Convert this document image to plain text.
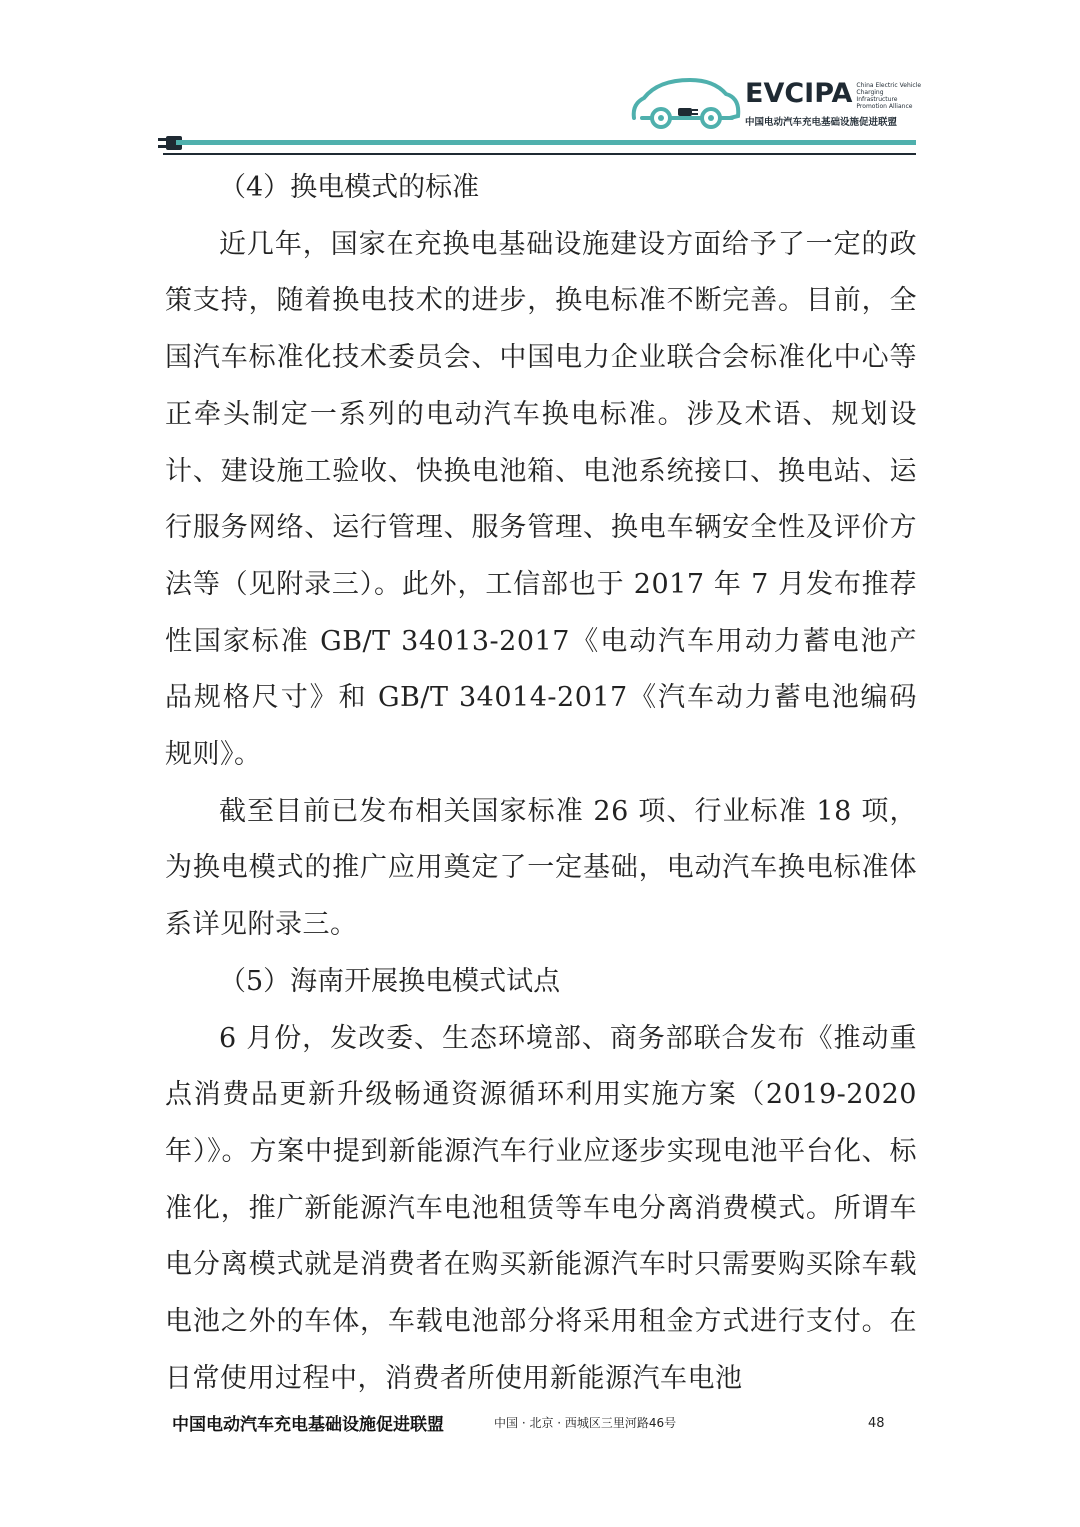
EVCIPA China Electric Vehicle
Charging Infrastructure
Promotion Alliance
中国电动汽车充电基础设施促进联盟

（4）换电模式的标准

近几年，国家在充换电基础设施建设方面给予了一定的政策支持，随着换电技术的进步，换电标准不断完善。目前，全国汽车标准化技术委员会、中国电力企业联合会标准化中心等正牵头制定一系列的电动汽车换电标准。涉及术语、规划设计、建设施工验收、快换电池箱、电池系统接口、换电站、运行服务网络、运行管理、服务管理、换电车辆安全性及评价方法等（见附录三）。此外，工信部也于 2017 年 7 月发布推荐性国家标准 GB/T 34013-2017《电动汽车用动力蓄电池产品规格尺寸》和 GB/T 34014-2017《汽车动力蓄电池编码规则》。

截至目前已发布相关国家标准 26 项、行业标准 18 项，为换电模式的推广应用奠定了一定基础，电动汽车换电标准体系详见附录三。

（5）海南开展换电模式试点

6 月份，发改委、生态环境部、商务部联合发布《推动重点消费品更新升级畅通资源循环利用实施方案（2019-2020年）》。方案中提到新能源汽车行业应逐步实现电池平台化、标准化，推广新能源汽车电池租赁等车电分离消费模式。所谓车电分离模式就是消费者在购买新能源汽车时只需要购买除车载电池之外的车体，车载电池部分将采用租金方式进行支付。在日常使用过程中，消费者所使用新能源汽车电池

中国电动汽车充电基础设施促进联盟	中国 · 北京 · 西城区三里河路46号	48
